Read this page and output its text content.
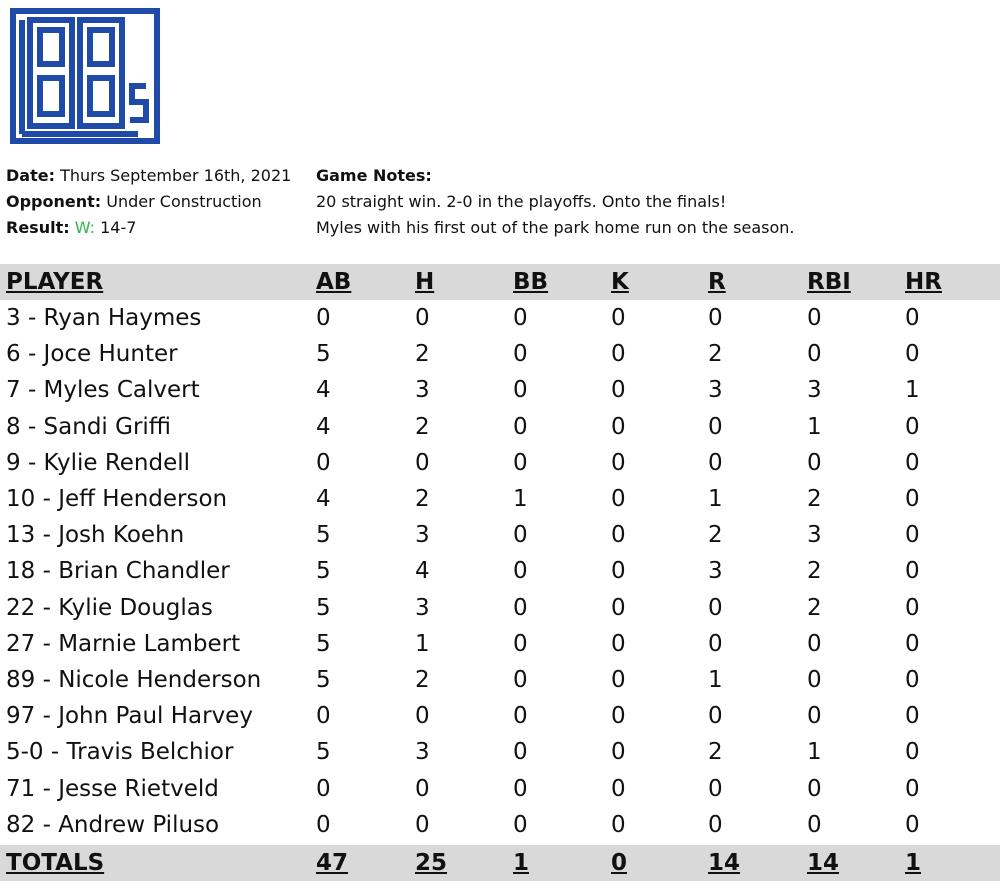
Date: Thurs September 16th, 2021
Opponent: Under Construction
Result: W: 14-7
Game Notes:
20 straight win. 2-0 in the playoffs. Onto the finals!
Myles with his first out of the park home run on the season.
PLAYER	AB	H	BB	K	R	RBI HR
3 - Ryan Haymes	0	0	0	0	0	0	0
6 - Joce Hunter	5	2	0	0	2	0	0
7 - Myles Calvert	4	3	0	0	3	3	1
8 - Sandi Griffi	4	2	0	0	0	1	0
9 - Kylie Rendell	0	0	0	0	0	0	0
10 - Jeff Henderson	4	2	1	0	1	2	0
13 - Josh Koehn	5	3	0	0	2	3	0
18 - Brian Chandler	5	4	0	0	3	2	0
22 - Kylie Douglas	5	3	0	0	0	2	0
27 - Marnie Lambert	5	1	0	0	0	0	0
89 - Nicole Henderson 5	2	0	0	1	0	0
97 - John Paul Harvey	0	0	0	0	0	0	0
5-0 - Travis Belchior	5	3	0	0	2	1	0
71 - Jesse Rietveld	0	0	0	0	0	0	0
82 - Andrew Piluso	0	0	0	0	0	0	0
TOTALS	47	25	1	0	14	14	1
